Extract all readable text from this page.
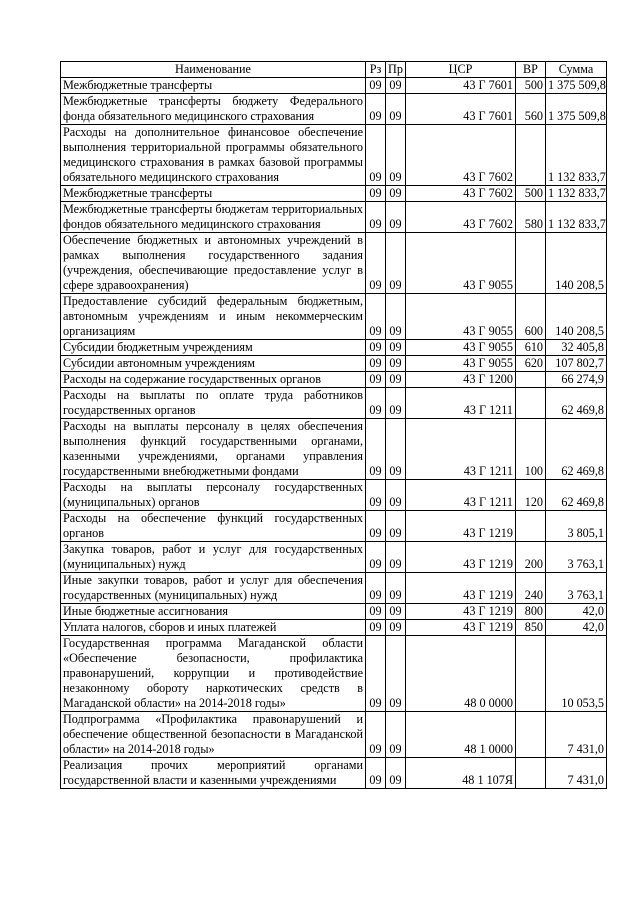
Наименование	Рз	Пр	ЦСР	ВР	Сумма
Межбюджетные трансферты	09	09	43 Г 7601	500	1 375 509,8
Межбюджетные трансферты бюджету Федерального фонда обязательного медицинского страхования	09	09	43 Г 7601	560	1 375 509,8
Расходы на дополнительное финансовое обеспечение выполнения территориальной программы обязательного медицинского страхования в рамках базовой программы обязательного медицинского страхования	09	09	43 Г 7602		1 132 833,7
Межбюджетные трансферты	09	09	43 Г 7602	500	1 132 833,7
Межбюджетные трансферты бюджетам территориальных фондов обязательного медицинского страхования	09	09	43 Г 7602	580	1 132 833,7
Обеспечение бюджетных и автономных учреждений в рамках выполнения государственного задания (учреждения, обеспечивающие предоставление услуг в сфере здравоохранения)	09	09	43 Г 9055		140 208,5
Предоставление субсидий федеральным бюджетным, автономным учреждениям и иным некоммерческим организациям	09	09	43 Г 9055	600	140 208,5
Субсидии бюджетным учреждениям	09	09	43 Г 9055	610	32 405,8
Субсидии автономным учреждениям	09	09	43 Г 9055	620	107 802,7
Расходы на содержание государственных органов	09	09	43 Г 1200		66 274,9
Расходы на выплаты по оплате труда работников государственных органов	09	09	43 Г 1211		62 469,8
Расходы на выплаты персоналу в целях обеспечения выполнения функций государственными органами, казенными учреждениями, органами управления государственными внебюджетными фондами	09	09	43 Г 1211	100	62 469,8
Расходы на выплаты персоналу государственных (муниципальных) органов	09	09	43 Г 1211	120	62 469,8
Расходы на обеспечение функций государственных органов	09	09	43 Г 1219		3 805,1
Закупка товаров, работ и услуг для государственных (муниципальных) нужд	09	09	43 Г 1219	200	3 763,1
Иные закупки товаров, работ и услуг для обеспечения государственных (муниципальных) нужд	09	09	43 Г 1219	240	3 763,1
Иные бюджетные ассигнования	09	09	43 Г 1219	800	42,0
Уплата налогов, сборов и иных платежей	09	09	43 Г 1219	850	42,0
Государственная программа Магаданской области «Обеспечение безопасности, профилактика правонарушений, коррупции и противодействие незаконному обороту наркотических средств в Магаданской области» на 2014-2018 годы»	09	09	48 0 0000		10 053,5
Подпрограмма «Профилактика правонарушений и обеспечение общественной безопасности в Магаданской области» на 2014-2018 годы»	09	09	48 1 0000		7 431,0
Реализация прочих мероприятий органами государственной власти и казенными учреждениями	09	09	48 1 107Я		7 431,0
